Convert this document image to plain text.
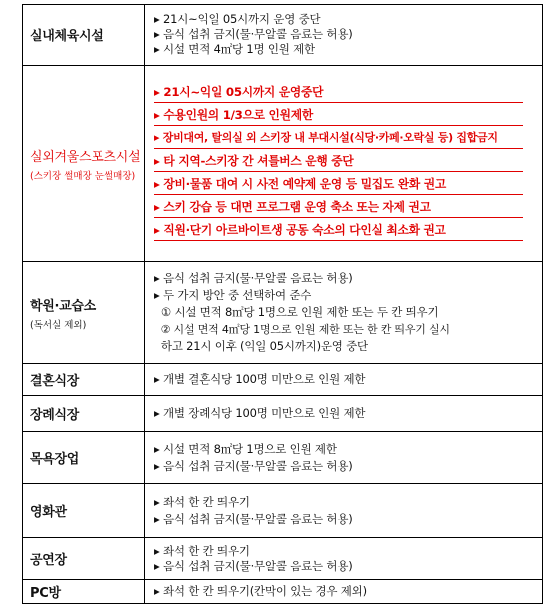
실내체육시설
▸ 21시~익일 05시까지 운영 중단
▸ 음식 섭취 금지(물·무알콜 음료는 허용)
▸ 시설 면적 4㎡당 1명 인원 제한
실외겨울스포츠시설
(스키장 썰매장 눈썰매장)
▸ 21시~익일 05시까지 운영중단
▸ 수용인원의 1/3으로 인원제한
▸ 장비대여, 탈의실 외 스키장 내 부대시설(식당·카페·오락실 등) 집합금지
▸ 타 지역-스키장 간 셔틀버스 운행 중단
▸ 장비·물품 대여 시 사전 예약제 운영 등 밀집도 완화 권고
▸ 스키 강습 등 대면 프로그램 운영 축소 또는 자제 권고
▸ 직원·단기 아르바이트생 공동 숙소의 다인실 최소화 권고
학원·교습소
(독서실 제외)
▸ 음식 섭취 금지(물·무알콜 음료는 허용)
▸ 두 가지 방안 중 선택하여 준수
① 시설 면적 8㎡당 1명으로 인원 제한 또는 두 칸 띄우기
② 시설 면적 4㎡당 1명으로 인원 제한 또는 한 칸 띄우기 실시
하고 21시 이후 (익일 05시까지)운영 중단
결혼식장	▸ 개별 결혼식당 100명 미만으로 인원 제한
장례식장	▸ 개별 장례식당 100명 미만으로 인원 제한
목욕장업
▸ 시설 면적 8㎡당 1명으로 인원 제한
▸ 음식 섭취 금지(물·무알콜 음료는 허용)
영화관
▸ 좌석 한 칸 띄우기
▸ 음식 섭취 금지(물·무알콜 음료는 허용)
공연장
▸ 좌석 한 칸 띄우기
▸ 음식 섭취 금지(물·무알콜 음료는 허용)
PC방	▸ 좌석 한 칸 띄우기(칸막이 있는 경우 제외)
